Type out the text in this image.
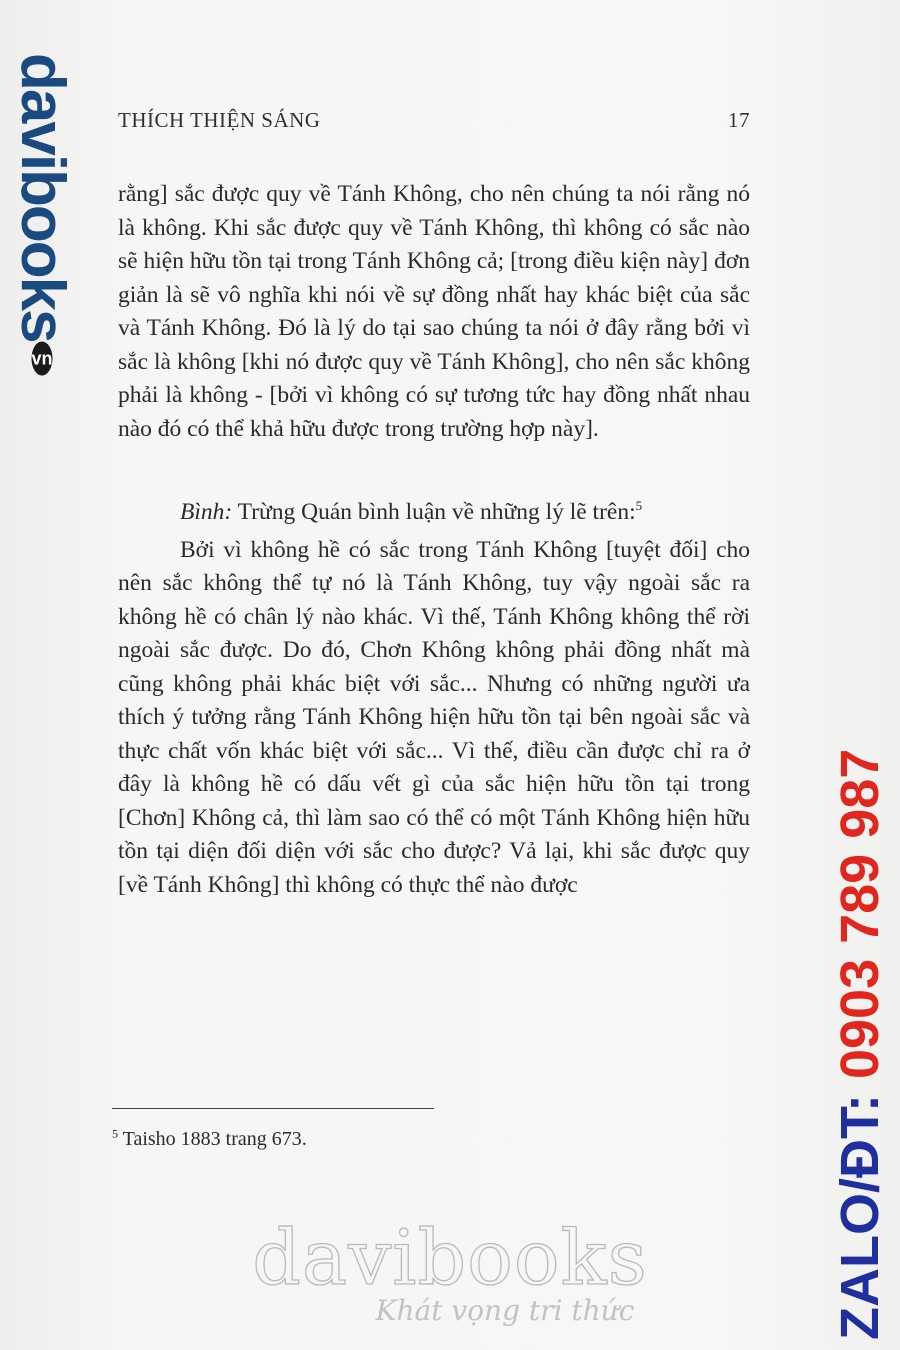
davibooks
vn
THÍCH THIỆN SÁNG	17

rằng] sắc được quy về Tánh Không, cho nên chúng ta nói rằng nó là không. Khi sắc được quy về Tánh Không, thì không có sắc nào sẽ hiện hữu tồn tại trong Tánh Không cả; [trong điều kiện này] đơn giản là sẽ vô nghĩa khi nói về sự đồng nhất hay khác biệt của sắc và Tánh Không. Đó là lý do tại sao chúng ta nói ở đây rằng bởi vì sắc là không [khi nó được quy về Tánh Không], cho nên sắc không phải là không - [bởi vì không có sự tương tức hay đồng nhất nhau nào đó có thể khả hữu được trong trường hợp này].

Bình: Trừng Quán bình luận về những lý lẽ trên:$^5$

Bởi vì không hề có sắc trong Tánh Không [tuyệt đối] cho nên sắc không thể tự nó là Tánh Không, tuy vậy ngoài sắc ra không hề có chân lý nào khác. Vì thế, Tánh Không không thể rời ngoài sắc được. Do đó, Chơn Không không phải đồng nhất mà cũng không phải khác biệt với sắc... Nhưng có những người ưa thích ý tưởng rằng Tánh Không hiện hữu tồn tại bên ngoài sắc và thực chất vốn khác biệt với sắc... Vì thế, điều cần được chỉ ra ở đây là không hề có dấu vết gì của sắc hiện hữu tồn tại trong [Chơn] Không cả, thì làm sao có thể có một Tánh Không hiện hữu tồn tại diện đối diện với sắc cho được? Vả lại, khi sắc được quy [về Tánh Không] thì không có thực thể nào được

$^5$ Taisho 1883 trang 673.	ZALO/ĐT: 0903 789 987
davibooks
Khát vọng tri thức
